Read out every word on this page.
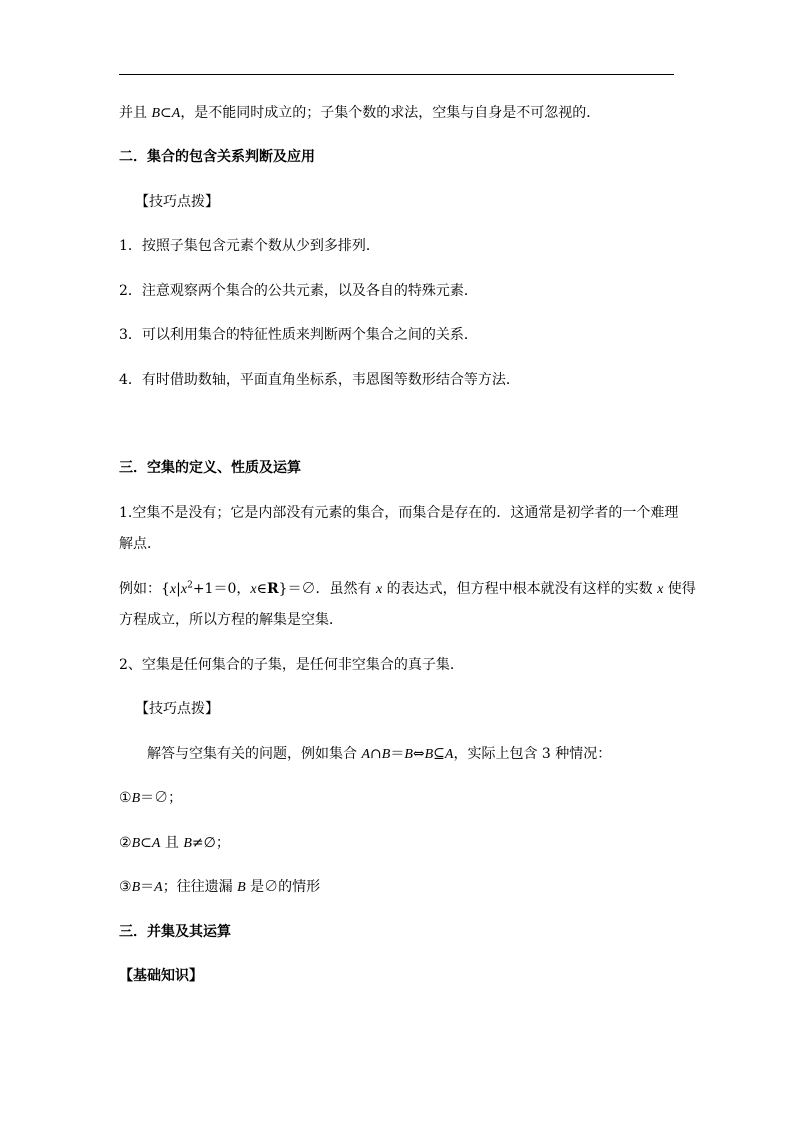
并且 B⊂A，是不能同时成立的；子集个数的求法，空集与自身是不可忽视的．
二．集合的包含关系判断及应用
【技巧点拨】
1．按照子集包含元素个数从少到多排列．
2．注意观察两个集合的公共元素，以及各自的特殊元素．
3．可以利用集合的特征性质来判断两个集合之间的关系．
4．有时借助数轴，平面直角坐标系，韦恩图等数形结合等方法．
三．空集的定义、性质及运算
1.空集不是没有；它是内部没有元素的集合，而集合是存在的．这通常是初学者的一个难理
解点．
例如：{$x|x^2+1=0$，x∈R}＝∅．虽然有 x 的表达式，但方程中根本就没有这样的实数 x 使得
方程成立，所以方程的解集是空集．
2、空集是任何集合的子集，是任何非空集合的真子集．
【技巧点拨】
解答与空集有关的问题，例如集合 A∩B＝B⇔B⊆A，实际上包含 3 种情况：
①B＝∅；
②B⊂A 且 B≠∅；
③B＝A；往往遗漏 B 是∅的情形
三．并集及其运算
【基础知识】
